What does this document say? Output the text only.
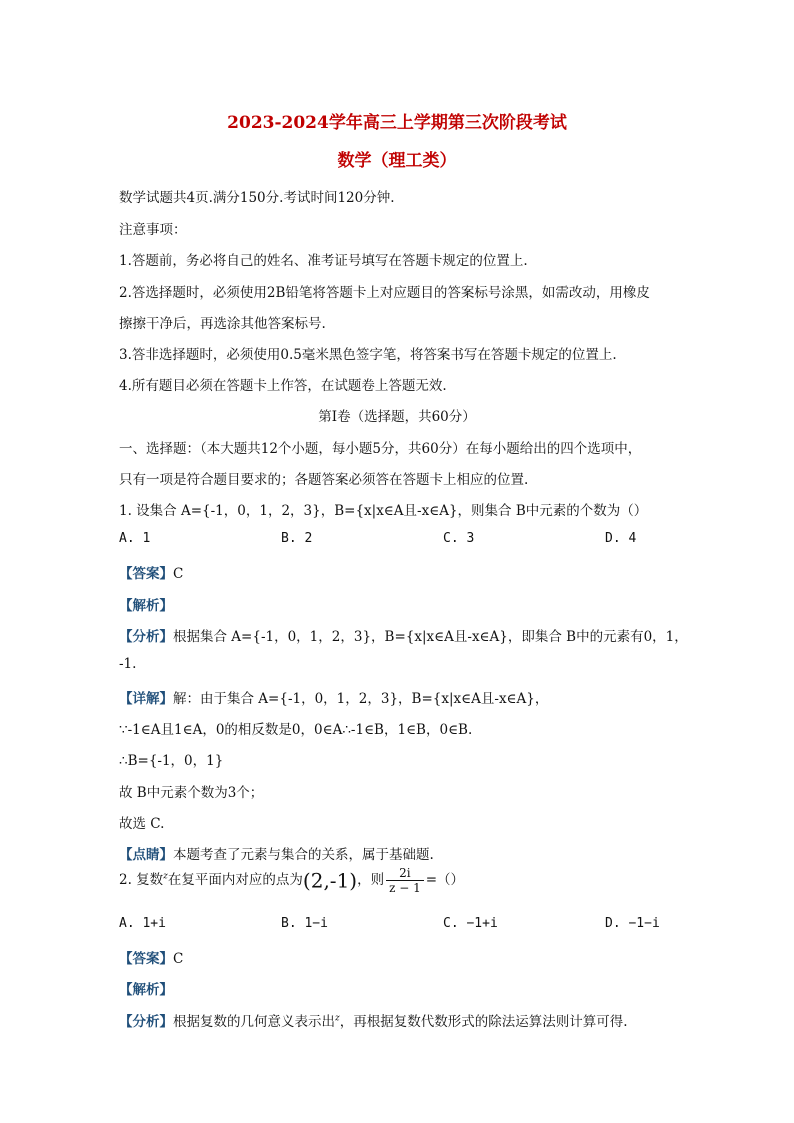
2023-2024学年高三上学期第三次阶段考试
数学（理工类）
数学试题共4页.满分150分.考试时间120分钟.
注意事项：
1.答题前，务必将自己的姓名、准考证号填写在答题卡规定的位置上.
2.答选择题时，必须使用2B铅笔将答题卡上对应题目的答案标号涂黑，如需改动，用橡皮
擦擦干净后，再选涂其他答案标号.
3.答非选择题时，必须使用0.5毫米黑色签字笔，将答案书写在答题卡规定的位置上.
4.所有题目必须在答题卡上作答，在试题卷上答题无效.
第Ⅰ卷（选择题，共60分）
一、选择题：（本大题共12个小题，每小题5分，共60分）在每小题给出的四个选项中，
只有一项是符合题目要求的；各题答案必须答在答题卡上相应的位置.
1. 设集合 A={-1，0，1，2，3}，B={x|x∈A且-x∈A}，则集合 B中元素的个数为（）
A. 1	B. 2	C. 3	D. 4
【答案】C
【解析】
【分析】根据集合 A={-1，0，1，2，3}，B={x|x∈A且-x∈A}，即集合 B中的元素有0，1，
-1.
【详解】解：由于集合 A={-1，0，1，2，3}，B={x|x∈A且-x∈A}，
∵-1∈A且1∈A，0的相反数是0，0∈A∴-1∈B，1∈B，0∈B.
∴B={-1，0，1}
故 B中元素个数为3个；
故选 C.
【点睛】本题考查了元素与集合的关系，属于基础题.
2. 复数$^z$在复平面内对应的点为(2,-1)，则 $\frac{2i}{z - 1}$ =（）
A. 1+i	B. 1−i	C. −1+i	D. −1−i
【答案】C
【解析】
【分析】根据复数的几何意义表示出$^z$，再根据复数代数形式的除法运算法则计算可得.
